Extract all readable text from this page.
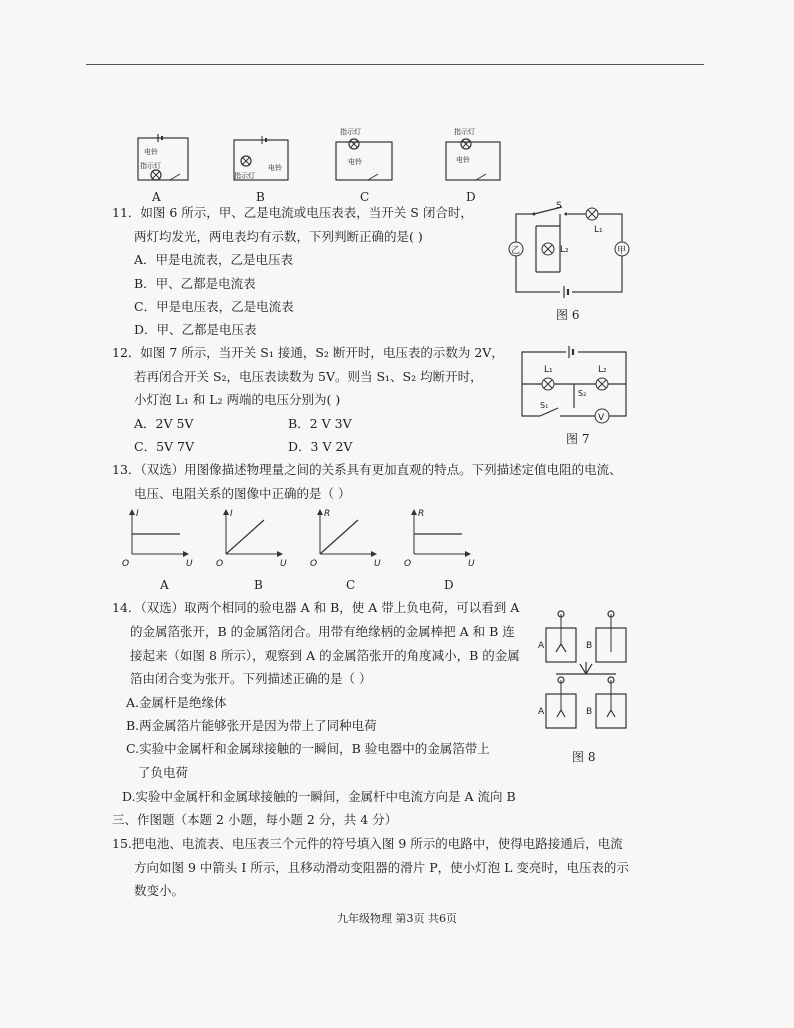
电铃
指示灯	电铃
指示灯
指示灯
电铃
指示灯
电铃
A	B	C	D
11．如图 6 所示，甲、乙是电流或电压表表，当开关 S 闭合时，
两灯均发光，两电表均有示数，下列判断正确的是( )
A．甲是电流表，乙是电压表
B．甲、乙都是电流表
C．甲是电压表，乙是电流表
D．甲、乙都是电压表
S
L₁
乙	L₂	甲
图 6
12．如图 7 所示，当开关 S₁ 接通，S₂ 断开时，电压表的示数为 2V，
若再闭合开关 S₂，电压表读数为 5V。则当 S₁、S₂ 均断开时，
小灯泡 L₁ 和 L₂ 两端的电压分别为( )
A．2V 5V	B．2 V 3V
C．5V 7V	D．3 V 2V
L₁	L₂
S₂
S₁
V
图 7
13．（双选）用图像描述物理量之间的关系具有更加直观的特点。下列描述定值电阻的电流、
电压、电阻关系的图像中正确的是（ ）
I
U
O
I
U
O
R
U
O
R
U
O
A	B	C	D
14．（双选）取两个相同的验电器 A 和 B，使 A 带上负电荷，可以看到 A
的金属箔张开，B 的金属箔闭合。用带有绝缘柄的金属棒把 A 和 B 连
接起来（如图 8 所示），观察到 A 的金属箔张开的角度减小，B 的金属
箔由闭合变为张开。下列描述正确的是（ ）
A.金属杆是绝缘体
B.两金属箔片能够张开是因为带上了同种电荷
C.实验中金属杆和金属球接触的一瞬间，B 验电器中的金属箔带上
了负电荷
D.实验中金属杆和金属球接触的一瞬间，金属杆中电流方向是 A 流向 B
A	B
A	B
图 8
三、作图题（本题 2 小题，每小题 2 分，共 4 分）
15.把电池、电流表、电压表三个元件的符号填入图 9 所示的电路中，使得电路接通后，电流
方向如图 9 中箭头 I 所示，且移动滑动变阻器的滑片 P，使小灯泡 L 变亮时，电压表的示
数变小。
九年级物理 第3页 共6页
